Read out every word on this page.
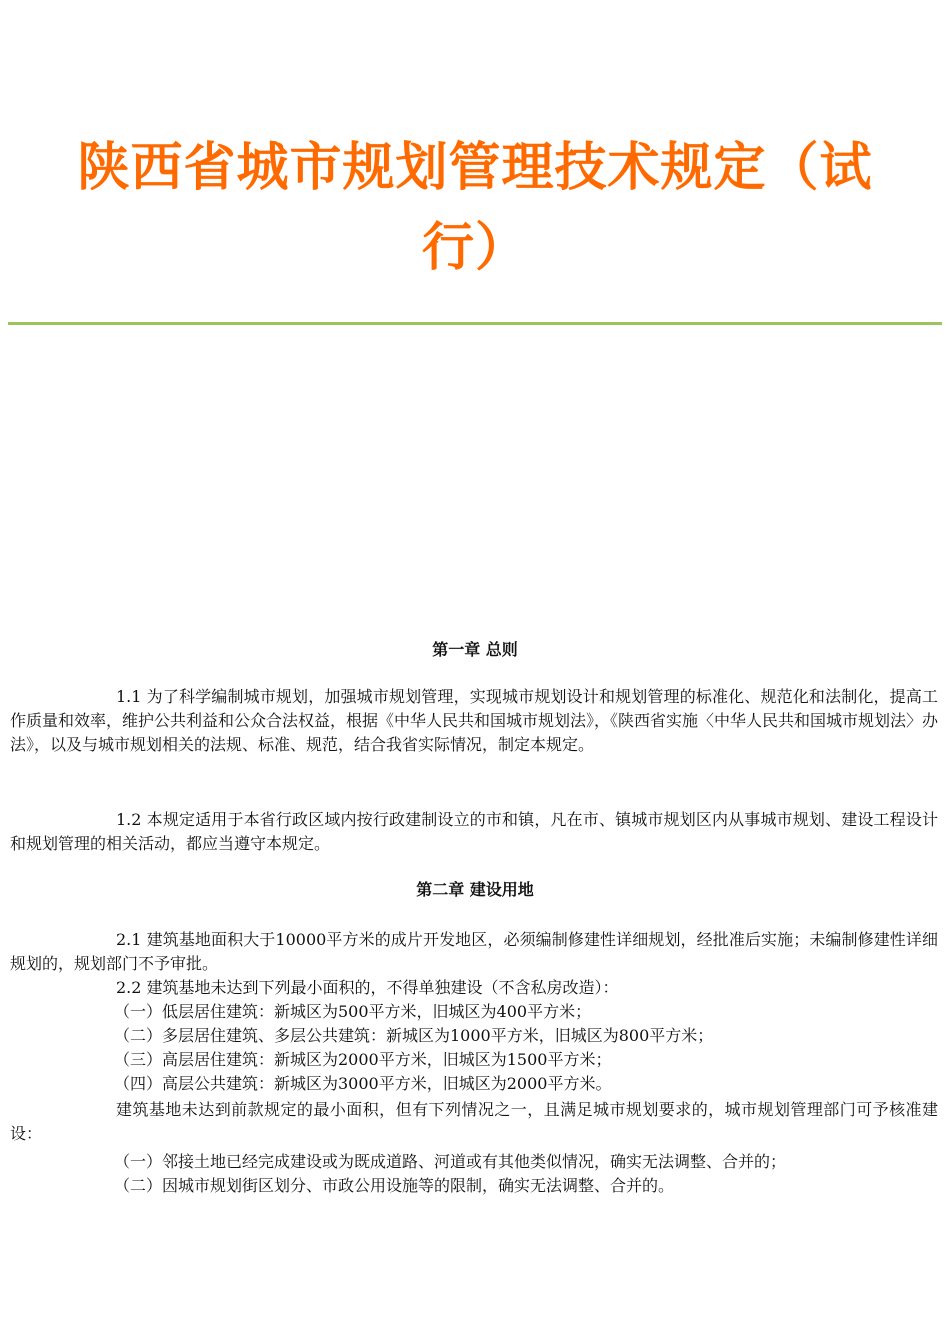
陕西省城市规划管理技术规定（试
行）
第一章 总则

1.1 为了科学编制城市规划，加强城市规划管理，实现城市规划设计和规划管理的标准化、规范化和法制化，提高工作质量和效率，维护公共利益和公众合法权益，根据《中华人民共和国城市规划法》，《陕西省实施〈中华人民共和国城市规划法〉办法》，以及与城市规划相关的法规、标准、规范，结合我省实际情况，制定本规定。

1.2 本规定适用于本省行政区域内按行政建制设立的市和镇，凡在市、镇城市规划区内从事城市规划、建设工程设计和规划管理的相关活动，都应当遵守本规定。

第二章 建设用地

2.1 建筑基地面积大于10000平方米的成片开发地区，必须编制修建性详细规划，经批准后实施；未编制修建性详细规划的，规划部门不予审批。

2.2 建筑基地未达到下列最小面积的，不得单独建设（不含私房改造）：

（一）低层居住建筑：新城区为500平方米，旧城区为400平方米；

（二）多层居住建筑、多层公共建筑：新城区为1000平方米，旧城区为800平方米；

（三）高层居住建筑：新城区为2000平方米，旧城区为1500平方米；

（四）高层公共建筑：新城区为3000平方米，旧城区为2000平方米。

建筑基地未达到前款规定的最小面积，但有下列情况之一，且满足城市规划要求的，城市规划管理部门可予核准建设：

（一）邻接土地已经完成建设或为既成道路、河道或有其他类似情况，确实无法调整、合并的；

（二）因城市规划街区划分、市政公用设施等的限制，确实无法调整、合并的。
